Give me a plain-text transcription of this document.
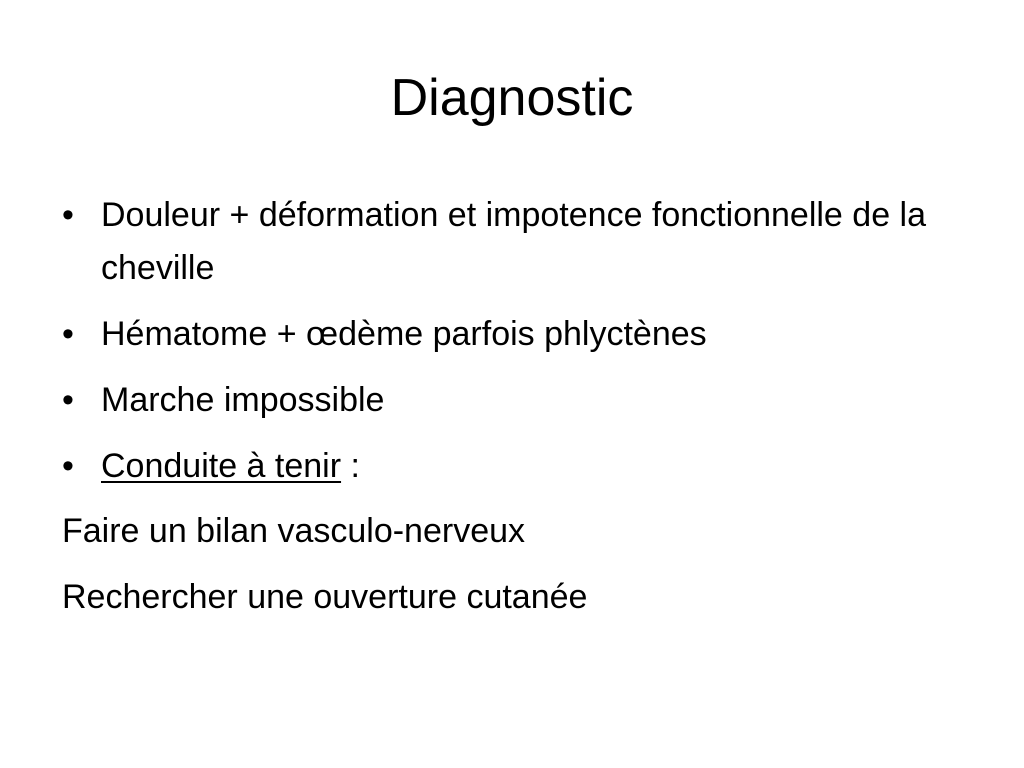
Diagnostic
• Douleur + déformation et impotence fonctionnelle de la cheville
• Hématome + œdème parfois phlyctènes
• Marche impossible
• Conduite à tenir :

Faire un bilan vasculo-nerveux

Rechercher une ouverture cutanée
